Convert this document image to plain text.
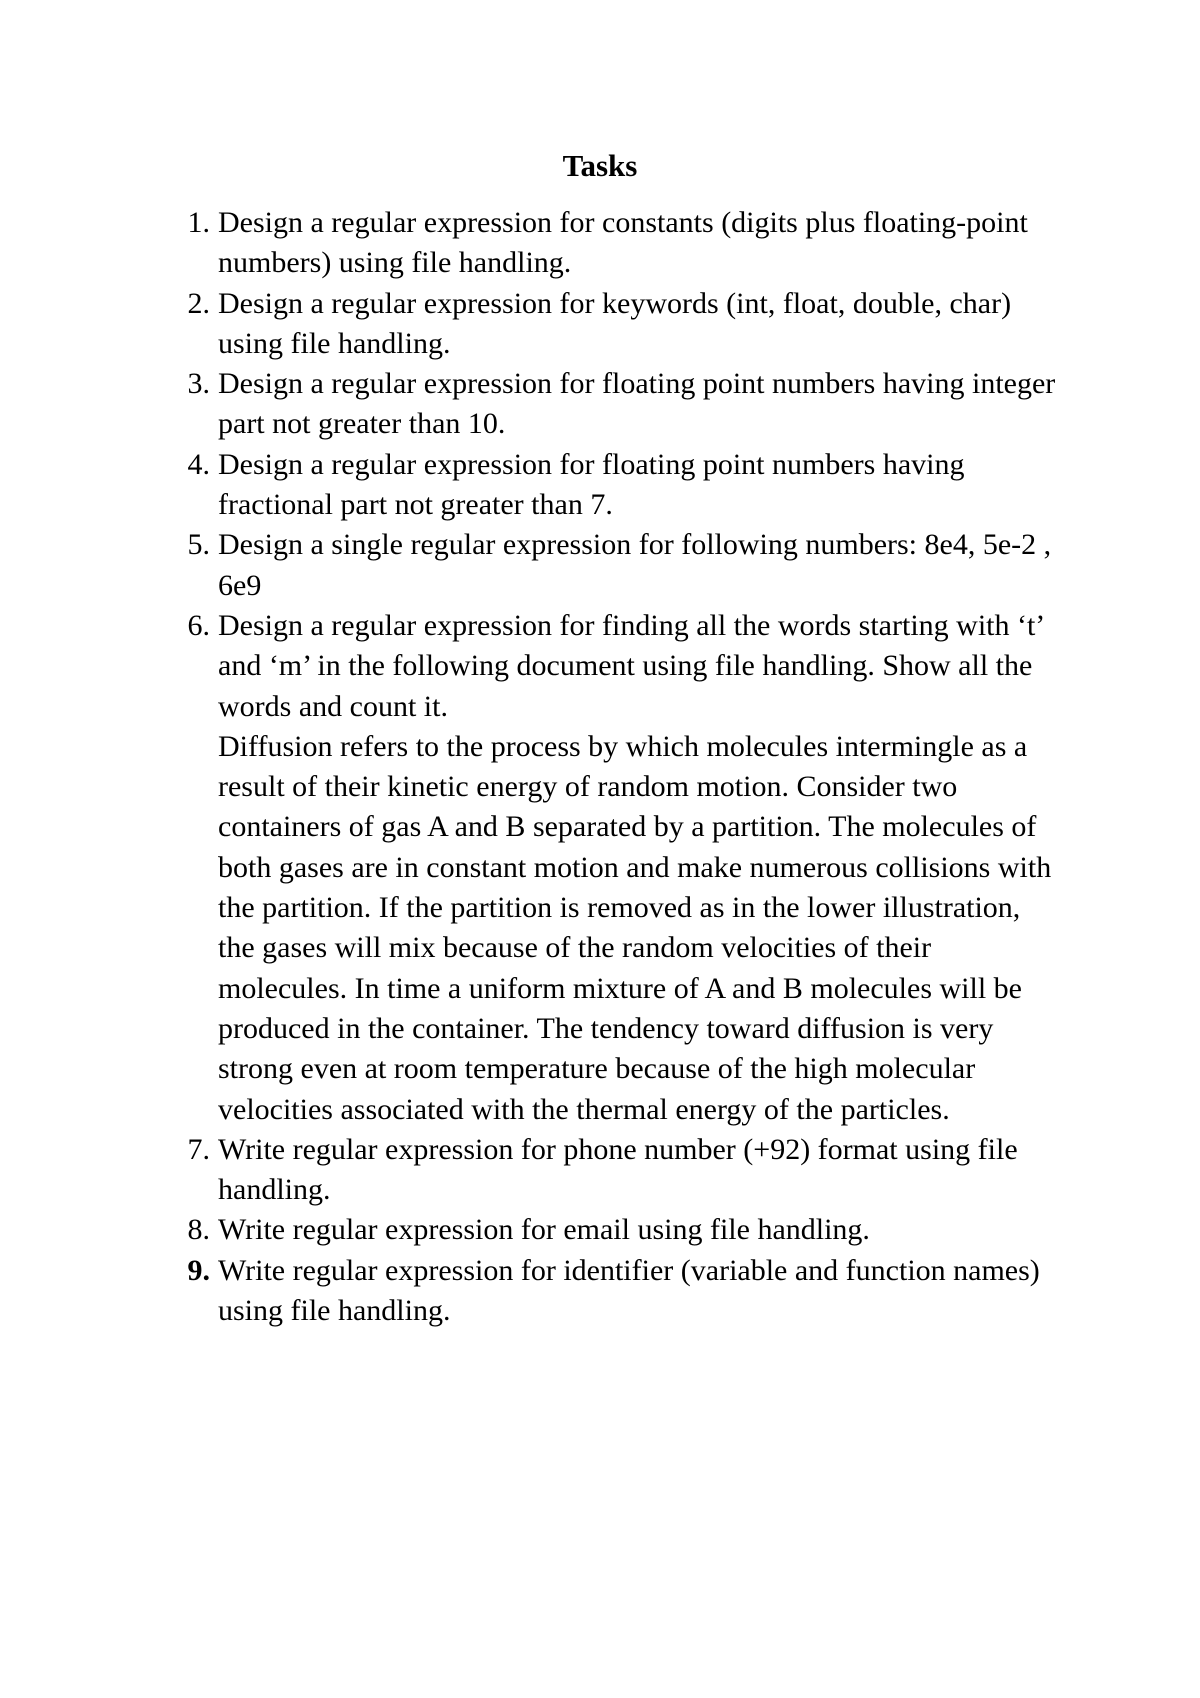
Tasks
1. Design a regular expression for constants (digits plus floating-point numbers) using file handling.
2. Design a regular expression for keywords (int, float, double, char) using file handling.
3. Design a regular expression for floating point numbers having integer part not greater than 10.
4. Design a regular expression for floating point numbers having fractional part not greater than 7.
5. Design a single regular expression for following numbers: 8e4, 5e-2 , 6e9
6. Design a regular expression for finding all the words starting with ‘t’ and ‘m’ in the following document using file handling. Show all the words and count it.
Diffusion refers to the process by which molecules intermingle as a result of their kinetic energy of random motion. Consider two containers of gas A and B separated by a partition. The molecules of both gases are in constant motion and make numerous collisions with the partition. If the partition is removed as in the lower illustration, the gases will mix because of the random velocities of their molecules. In time a uniform mixture of A and B molecules will be produced in the container. The tendency toward diffusion is very strong even at room temperature because of the high molecular velocities associated with the thermal energy of the particles.
7. Write regular expression for phone number (+92) format using file handling.
8. Write regular expression for email using file handling.
9. Write regular expression for identifier (variable and function names) using file handling.
